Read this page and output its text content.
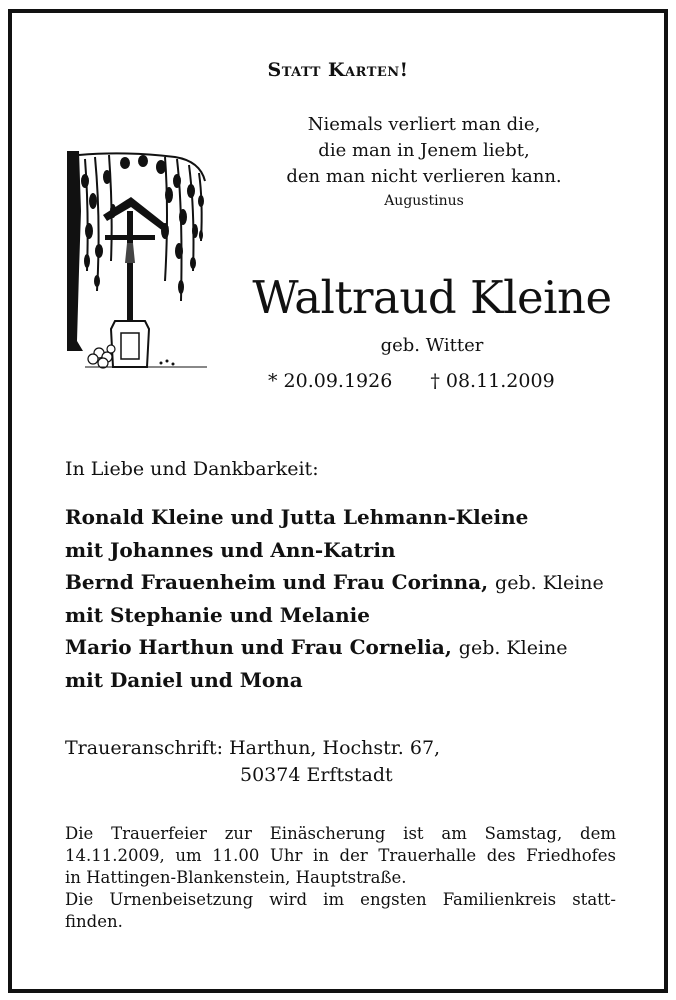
Statt Karten!
Niemals verliert man die,
die man in Jenem liebt,
den man nicht verlieren kann.
Augustinus
Waltraud Kleine
geb. Witter
* 20.09.1926 † 08.11.2009
In Liebe und Dankbarkeit:
Ronald Kleine und Jutta Lehmann-Kleine
mit Johannes und Ann-Katrin
Bernd Frauenheim und Frau Corinna, geb. Kleine
mit Stephanie und Melanie
Mario Harthun und Frau Cornelia, geb. Kleine
mit Daniel und Mona
Traueranschrift: Harthun, Hochstr. 67,
50374 Erftstadt

Die Trauerfeier zur Einäscherung ist am Samstag, dem

14.11.2009, um 11.00 Uhr in der Trauerhalle des Friedhofes

in Hattingen-Blankenstein, Hauptstraße.

Die Urnenbeisetzung wird im engsten Familienkreis statt-

finden.
